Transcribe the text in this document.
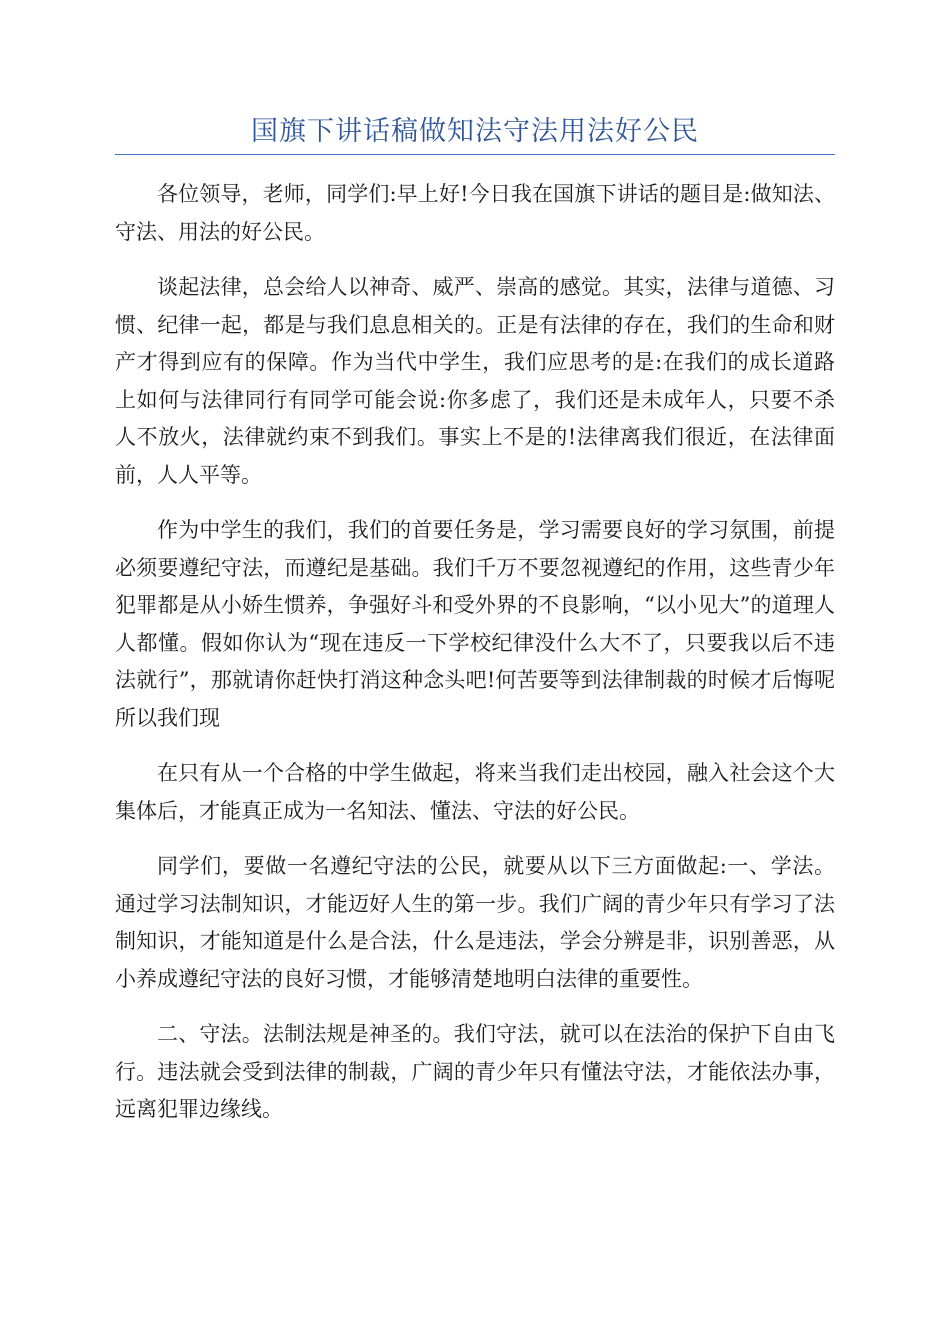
国旗下讲话稿做知法守法用法好公民

各位领导，老师，同学们:早上好!今日我在国旗下讲话的题目是:做知法、守法、用法的好公民。

谈起法律，总会给人以神奇、威严、崇高的感觉。其实，法律与道德、习惯、纪律一起，都是与我们息息相关的。正是有法律的存在，我们的生命和财产才得到应有的保障。作为当代中学生，我们应思考的是:在我们的成长道路上如何与法律同行有同学可能会说:你多虑了，我们还是未成年人，只要不杀人不放火，法律就约束不到我们。事实上不是的!法律离我们很近，在法律面前，人人平等。

作为中学生的我们，我们的首要任务是，学习需要良好的学习氛围，前提必须要遵纪守法，而遵纪是基础。我们千万不要忽视遵纪的作用，这些青少年犯罪都是从小娇生惯养，争强好斗和受外界的不良影响，“以小见大”的道理人人都懂。假如你认为“现在违反一下学校纪律没什么大不了，只要我以后不违法就行”，那就请你赶快打消这种念头吧!何苦要等到法律制裁的时候才后悔呢所以我们现

在只有从一个合格的中学生做起，将来当我们走出校园，融入社会这个大集体后，才能真正成为一名知法、懂法、守法的好公民。

同学们，要做一名遵纪守法的公民，就要从以下三方面做起:一、学法。通过学习法制知识，才能迈好人生的第一步。我们广阔的青少年只有学习了法制知识，才能知道是什么是合法，什么是违法，学会分辨是非，识别善恶，从小养成遵纪守法的良好习惯，才能够清楚地明白法律的重要性。

二、守法。法制法规是神圣的。我们守法，就可以在法治的保护下自由飞行。违法就会受到法律的制裁，广阔的青少年只有懂法守法，才能依法办事，远离犯罪边缘线。
